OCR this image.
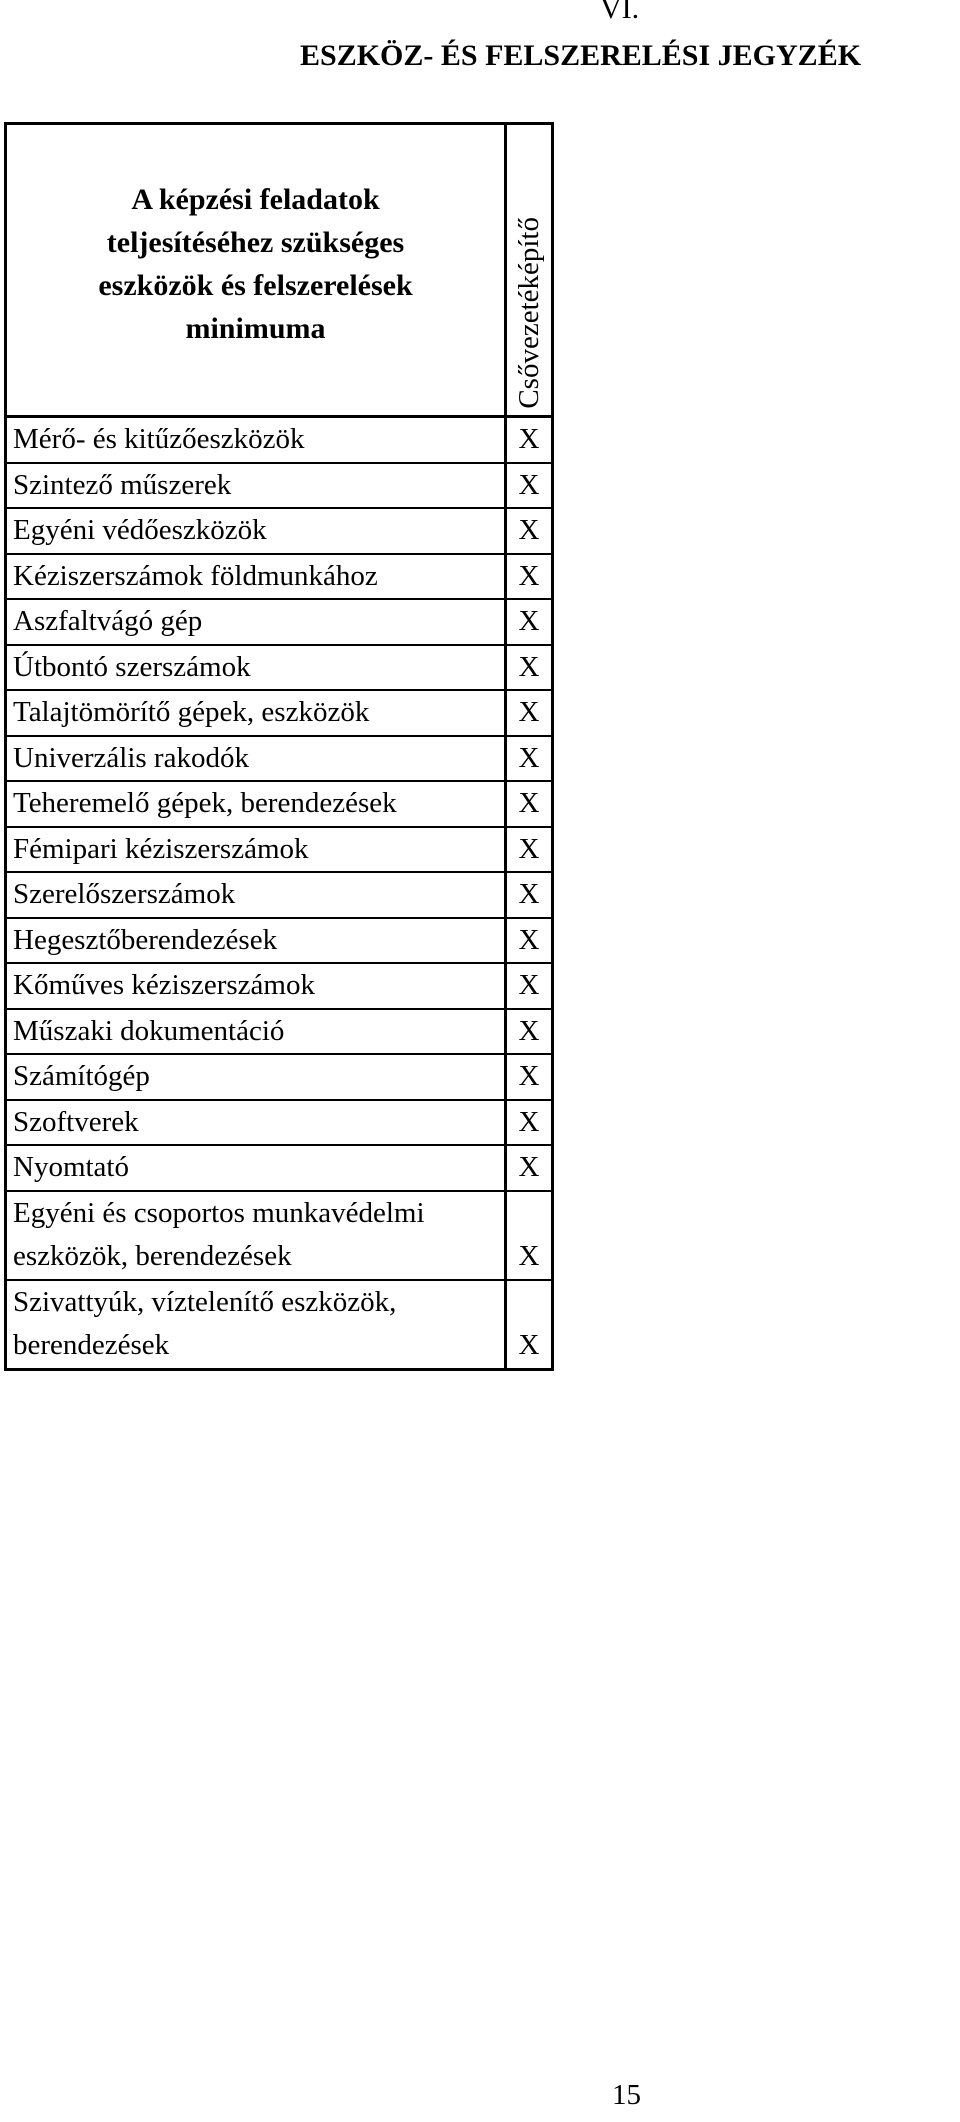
VI.
ESZKÖZ- ÉS FELSZERELÉSI JEGYZÉK
A képzési feladatok teljesítéséhez szükséges eszközök és felszerelések minimuma	Csővezetéképítő
Mérő- és kitűzőeszközök	X
Szintező műszerek	X
Egyéni védőeszközök	X
Kéziszerszámok földmunkához	X
Aszfaltvágó gép	X
Útbontó szerszámok	X
Talajtömörítő gépek, eszközök	X
Univerzális rakodók	X
Teheremelő gépek, berendezések	X
Fémipari kéziszerszámok	X
Szerelőszerszámok	X
Hegesztőberendezések	X
Kőműves kéziszerszámok	X
Műszaki dokumentáció	X
Számítógép	X
Szoftverek	X
Nyomtató	X
Egyéni és csoportos munkavédelmi eszközök, berendezések	X
Szivattyúk, víztelenítő eszközök, berendezések	X
15
